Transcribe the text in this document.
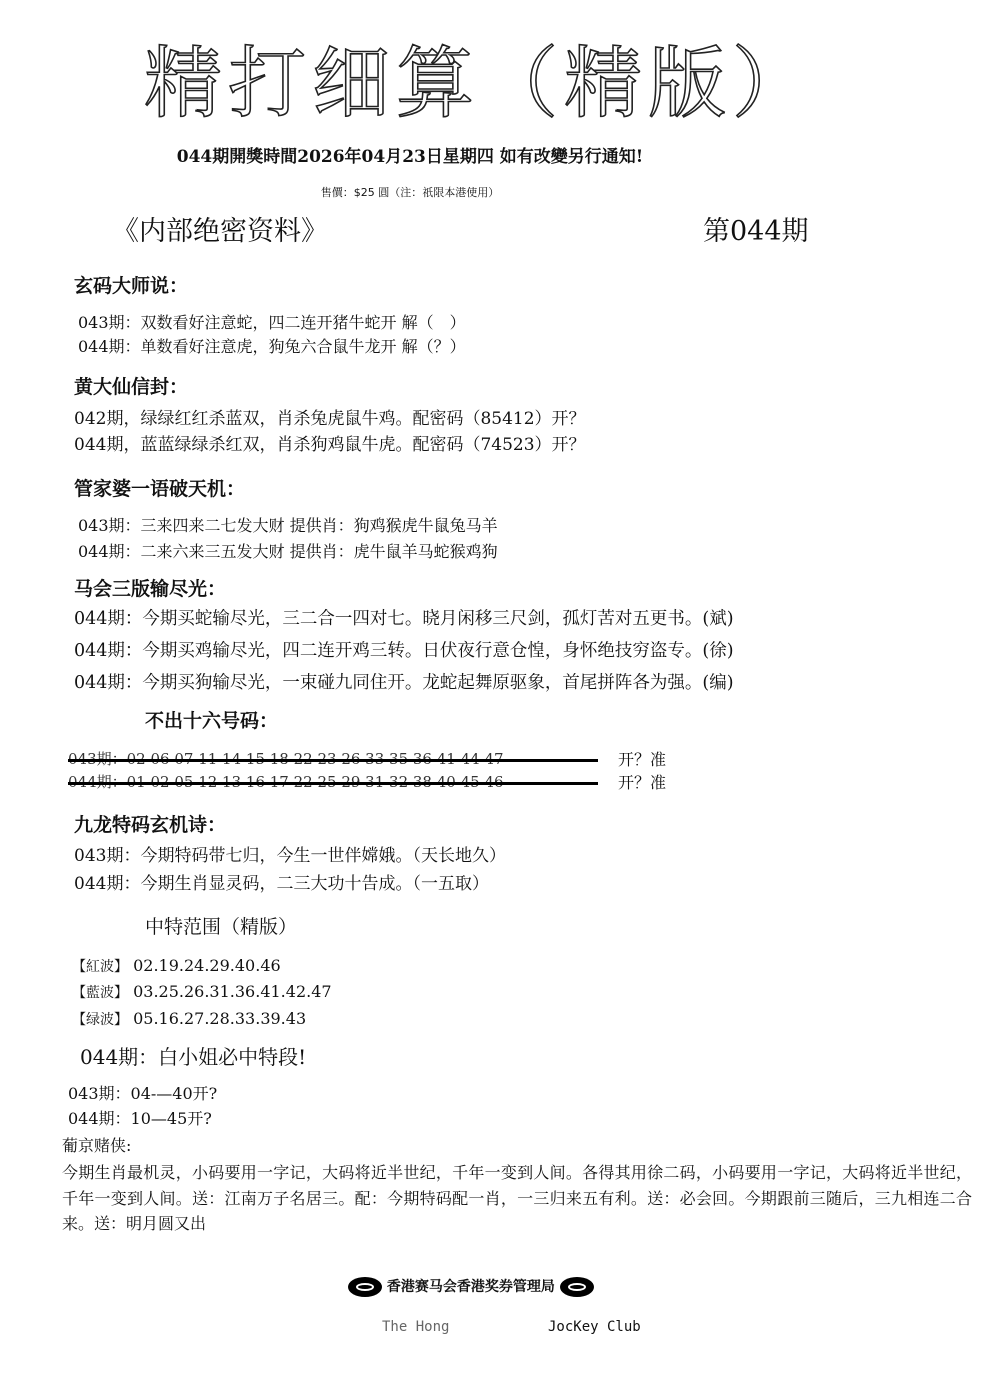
精打细算（精版）
044期開獎時間2026年04月23日星期四 如有改變另行通知!
售價：$25 圓（注：祇限本港使用）
《内部绝密资料》	第044期
玄码大师说：
043期：双数看好注意蛇，四二连开猪牛蛇开 解（　）
044期：单数看好注意虎，狗兔六合鼠牛龙开 解（？）
黄大仙信封：
042期，绿绿红红杀蓝双，肖杀兔虎鼠牛鸡。配密码（85412）开？
044期，蓝蓝绿绿杀红双，肖杀狗鸡鼠牛虎。配密码（74523）开？
管家婆一语破天机：
043期：三来四来二七发大财 提供肖：狗鸡猴虎牛鼠兔马羊
044期：二来六来三五发大财 提供肖：虎牛鼠羊马蛇猴鸡狗
马会三版输尽光：
044期：今期买蛇输尽光，三二合一四对七。晓月闲移三尺剑，孤灯苦对五更书。(斌)
044期：今期买鸡输尽光，四二连开鸡三转。日伏夜行意仓惶，身怀绝技穷盗专。(徐)
044期：今期买狗输尽光，一束碰九同住开。龙蛇起舞原驱象，首尾拼阵各为强。(编)
不出十六号码：
开？准
开？准
九龙特码玄机诗：
043期：今期特码带七归，今生一世伴嫦娥。（天长地久）
044期：今期生肖显灵码，二三大功十告成。（一五取）
中特范围（精版）
【紅波】 02.19.24.29.40.46
【藍波】 03.25.26.31.36.41.42.47
【绿波】 05.16.27.28.33.39.43
044期：白小姐必中特段!
043期：04-—40开?
044期：10—45开?
葡京赌侠:
今期生肖最机灵，小码要用一字记，大码将近半世纪，千年一变到人间。各得其用徐二码，小码要用一字记，大码将近半世纪，千年一变到人间。送：江南万子名居三。配：今期特码配一肖，一三归来五有利。送：必会回。今期跟前三随后，三九相连二合来。送：明月圆又出
香港赛马会香港奖券管理局
The Hong	JocKey Club
